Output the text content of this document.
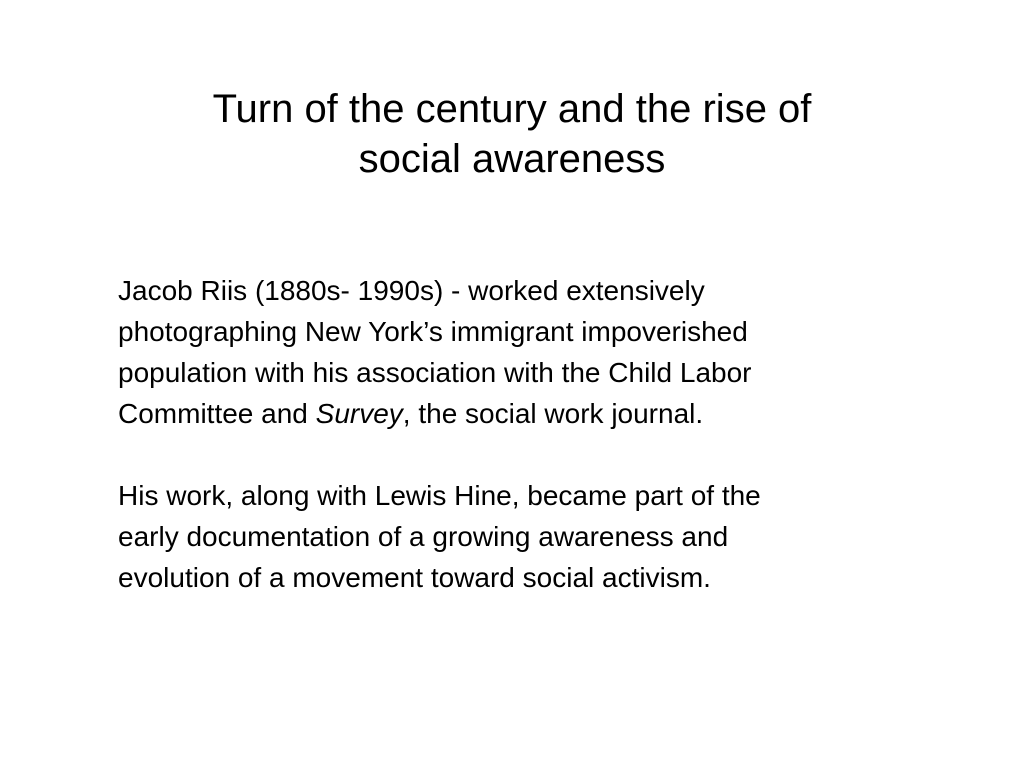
Turn of the century and the rise of
social awareness

Jacob Riis (1880s- 1990s) - worked extensively
photographing New York’s immigrant impoverished
population with his association with the Child Labor
Committee and Survey, the social work journal.

His work, along with Lewis Hine, became part of the
early documentation of a growing awareness and
evolution of a movement toward social activism.
